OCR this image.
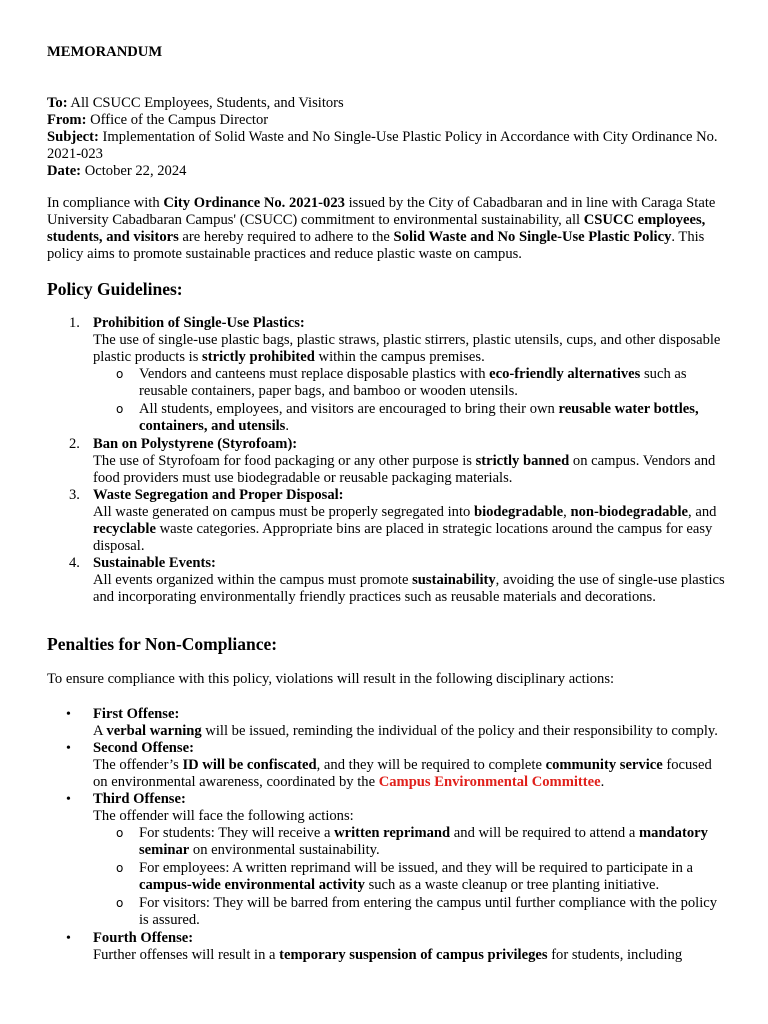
MEMORANDUM
To: All CSUCC Employees, Students, and Visitors
From: Office of the Campus Director
Subject: Implementation of Solid Waste and No Single-Use Plastic Policy in Accordance with City Ordinance No. 2021-023
Date: October 22, 2024

In compliance with City Ordinance No. 2021-023 issued by the City of Cabadbaran and in line with Caraga State University Cabadbaran Campus' (CSUCC) commitment to environmental sustainability, all CSUCC employees, students, and visitors are hereby required to adhere to the Solid Waste and No Single-Use Plastic Policy. This policy aims to promote sustainable practices and reduce plastic waste on campus.

Policy Guidelines:
1. Prohibition of Single-Use Plastics:
The use of single-use plastic bags, plastic straws, plastic stirrers, plastic utensils, cups, and other disposable plastic products is strictly prohibited within the campus premises.
o Vendors and canteens must replace disposable plastics with eco-friendly alternatives such as reusable containers, paper bags, and bamboo or wooden utensils.
o All students, employees, and visitors are encouraged to bring their own reusable water bottles, containers, and utensils.
2. Ban on Polystyrene (Styrofoam):
The use of Styrofoam for food packaging or any other purpose is strictly banned on campus. Vendors and food providers must use biodegradable or reusable packaging materials.
3. Waste Segregation and Proper Disposal:
All waste generated on campus must be properly segregated into biodegradable, non-biodegradable, and recyclable waste categories. Appropriate bins are placed in strategic locations around the campus for easy disposal.
4. Sustainable Events:
All events organized within the campus must promote sustainability, avoiding the use of single-use plastics and incorporating environmentally friendly practices such as reusable materials and decorations.
Penalties for Non-Compliance:

To ensure compliance with this policy, violations will result in the following disciplinary actions:

• First Offense:
A verbal warning will be issued, reminding the individual of the policy and their responsibility to comply.
• Second Offense:
The offender’s ID will be confiscated, and they will be required to complete community service focused on environmental awareness, coordinated by the Campus Environmental Committee.
• Third Offense:
The offender will face the following actions:
o For students: They will receive a written reprimand and will be required to attend a mandatory seminar on environmental sustainability.
o For employees: A written reprimand will be issued, and they will be required to participate in a campus-wide environmental activity such as a waste cleanup or tree planting initiative.
o For visitors: They will be barred from entering the campus until further compliance with the policy is assured.
• Fourth Offense:
Further offenses will result in a temporary suspension of campus privileges for students, including
